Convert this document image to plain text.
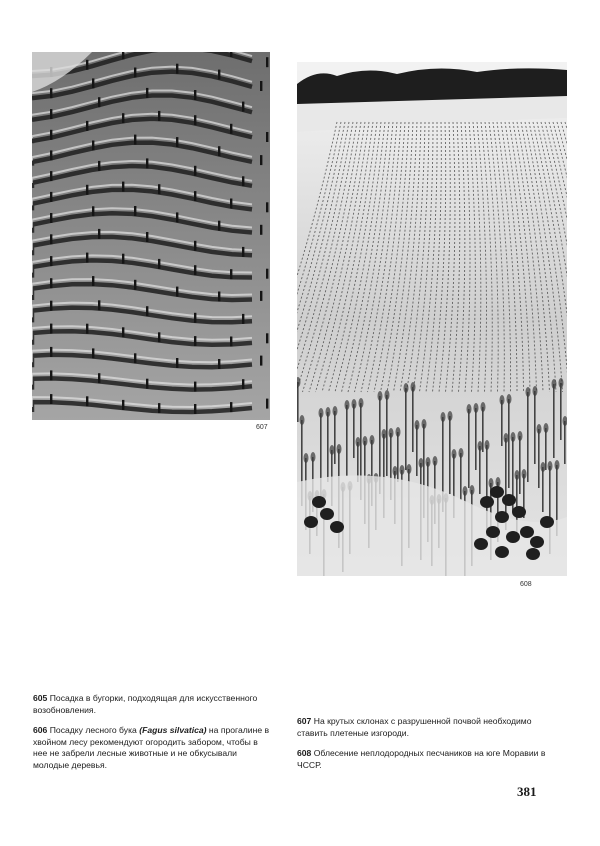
607
608
605 Посадка в бугорки, подходящая для искусственного возобновления.
606 Посадку лесного бука (Fagus silvatica) на прогалине в хвойном лесу рекомендуют огородить забором, чтобы в нее не забрели лесные животные и не обкусывали молодые деревья.
607 На крутых склонах с разрушенной почвой необходимо ставить плетеные изгороди.
608 Облесение неплодородных песчаников на юге Моравии в ЧССР.
381
